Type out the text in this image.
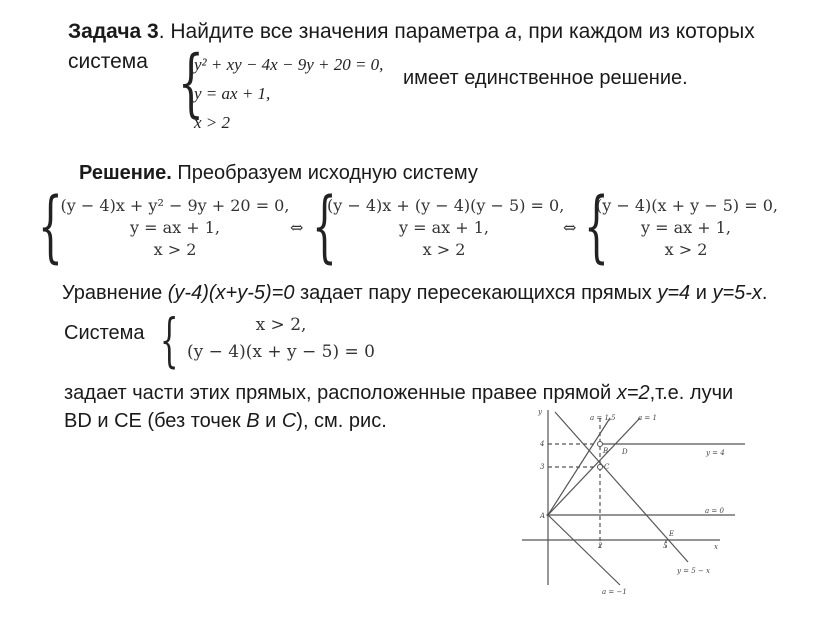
Задача 3. Найдите все значения параметра a, при каждом из которых
система {
y² + xy − 4x − 9y + 20 = 0,
y = ax + 1,
x > 2
имеет единственное решение.
Решение. Преобразуем исходную систему
{
(y − 4)x + y² − 9y + 20 = 0,
y = ax + 1,
x > 2
⇔ {
(y − 4)x + (y − 4)(y − 5) = 0,
y = ax + 1,
x > 2
⇔ {
(y − 4)(x + y − 5) = 0,
y = ax + 1,
x > 2
Уравнение (y-4)(x+y-5)=0 задает пару пересекающихся прямых y=4 и y=5-x.
Система {	x > 2,
(y − 4)(x + y − 5) = 0
задает части этих прямых, расположенные правее прямой x=2,т.е. лучи
BD и CE (без точек B и C), см. рис.
x
y
4
3
2	5
A
B
C
D
E
a = 1,5	a = 1
y = 4
a = 0
y = 5 − x
a = −1
